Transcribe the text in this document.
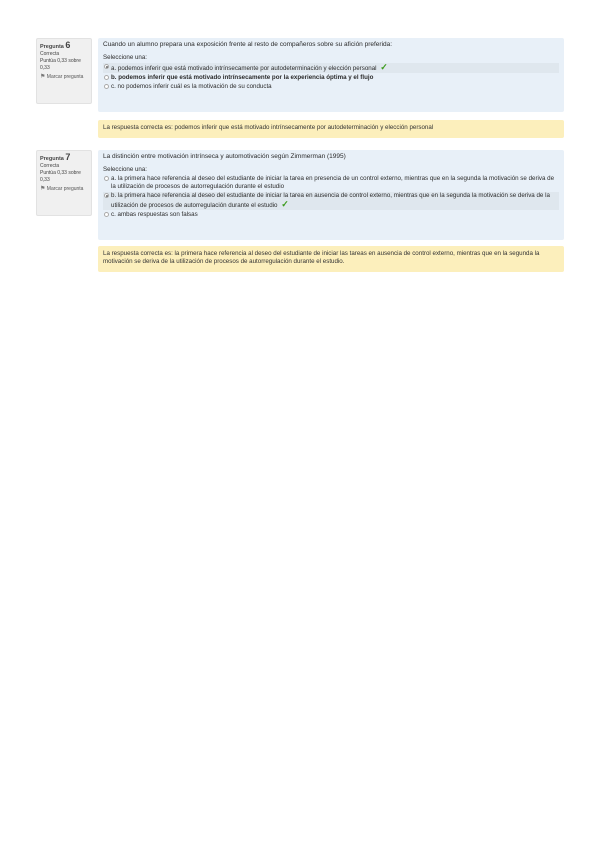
Pregunta 6
Correcta
Puntúa 0,33 sobre 0,33
⚑ Marcar pregunta
Cuando un alumno prepara una exposición frente al resto de compañeros sobre su afición preferida:
Seleccione una:
a. podemos inferir que está motivado intrínsecamente por autodeterminación y elección personal ✓
b. podemos inferir que está motivado intrínsecamente por la experiencia óptima y el flujo
c. no podemos inferir cuál es la motivación de su conducta
La respuesta correcta es: podemos inferir que está motivado intrínsecamente por autodeterminación y elección personal
Pregunta 7
Correcta
Puntúa 0,33 sobre 0,33
⚑ Marcar pregunta
La distinción entre motivación intrínseca y automotivación según Zimmerman (1995)
Seleccione una:
a. la primera hace referencia al deseo del estudiante de iniciar la tarea en presencia de un control externo, mientras que en la segunda la motivación se deriva de la utilización de procesos de autorregulación durante el estudio
b. la primera hace referencia al deseo del estudiante de iniciar la tarea en ausencia de control externo, mientras que en la segunda la motivación se deriva de la utilización de procesos de autorregulación durante el estudio ✓
c. ambas respuestas son falsas
La respuesta correcta es: la primera hace referencia al deseo del estudiante de iniciar las tareas en ausencia de control externo, mientras que en la segunda la motivación se deriva de la utilización de procesos de autorregulación durante el estudio.
